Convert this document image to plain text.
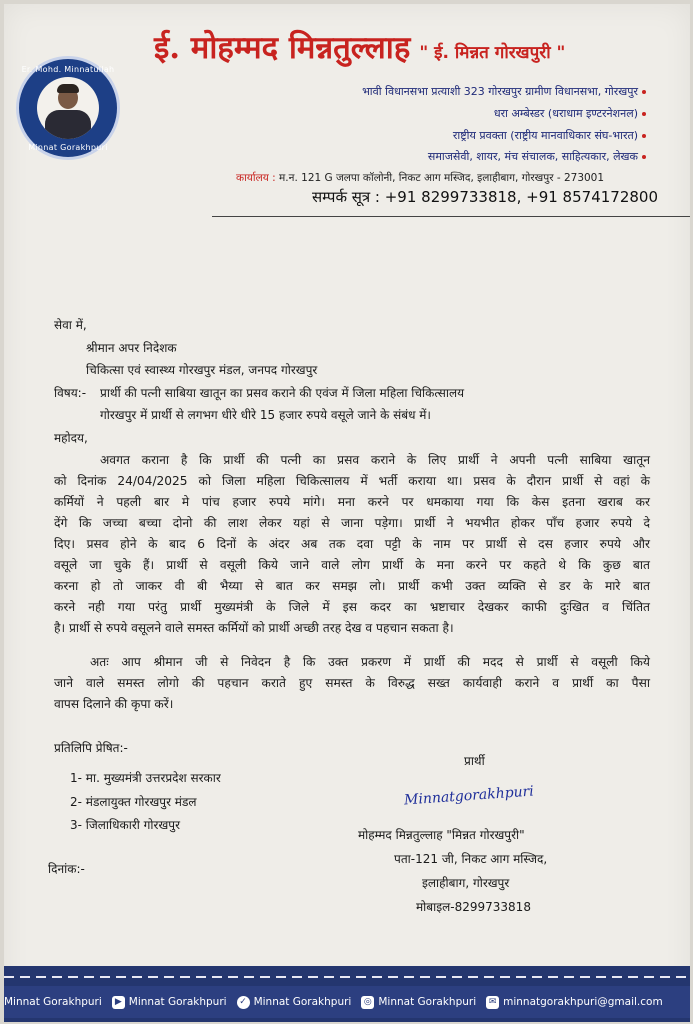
Er. Mohd. Minnatullah
Minnat Gorakhpuri
ई. मोहम्मद मिन्नतुल्लाह " ई. मिन्नत गोरखपुरी "
भावी विधानसभा प्रत्याशी 323 गोरखपुर ग्रामीण विधानसभा, गोरखपुर
धरा अम्बेस्डर (धराधाम इण्टरनेशनल)
राष्ट्रीय प्रवक्ता (राष्ट्रीय मानवाधिकार संघ-भारत)
समाजसेवी, शायर, मंच संचालक, साहित्यकार, लेखक
कार्यालय : म.न. 121 G जलपा कॉलोनी, निकट आग मस्जिद, इलाहीबाग, गोरखपुर - 273001
सम्पर्क सूत्र : +91 8299733818, +91 8574172800
सेवा में,
श्रीमान अपर निदेशक
चिकित्सा एवं स्वास्थ्य गोरखपुर मंडल, जनपद गोरखपुर
विषय:- प्रार्थी की पत्नी साबिया खातून का प्रसव कराने की एवंज में जिला महिला चिकित्सालय
गोरखपुर में प्रार्थी से लगभग धीरे धीरे 15 हजार रुपये वसूले जाने के संबंध में।
महोदय,
अवगत कराना है कि प्रार्थी की पत्नी का प्रसव कराने के लिए प्रार्थी ने अपनी पत्नी साबिया खातून
को दिनांक 24/04/2025 को जिला महिला चिकित्सालय में भर्ती कराया था। प्रसव के दौरान प्रार्थी से वहां के
कर्मियों ने पहली बार मे पांच हजार रुपये मांगे। मना करने पर धमकाया गया कि केस इतना खराब कर
देंगे कि जच्चा बच्चा दोनो की लाश लेकर यहां से जाना पड़ेगा। प्रार्थी ने भयभीत होकर पाँच हजार रुपये दे
दिए। प्रसव होने के बाद 6 दिनों के अंदर अब तक दवा पट्टी के नाम पर प्रार्थी से दस हजार रुपये और
वसूले जा चुके हैं। प्रार्थी से वसूली किये जाने वाले लोग प्रार्थी के मना करने पर कहते थे कि कुछ बात
करना हो तो जाकर वी बी भैय्या से बात कर समझ लो। प्रार्थी कभी उक्त व्यक्ति से डर के मारे बात
करने नही गया परंतु प्रार्थी मुख्यमंत्री के जिले में इस कदर का भ्रष्टाचार देखकर काफी दुःखित व चिंतित
है। प्रार्थी से रुपये वसूलने वाले समस्त कर्मियों को प्रार्थी अच्छी तरह देख व पहचान सकता है।
अतः आप श्रीमान जी से निवेदन है कि उक्त प्रकरण में प्रार्थी की मदद से प्रार्थी से वसूली किये
जाने वाले समस्त लोगो की पहचान कराते हुए समस्त के विरुद्ध सख्त कार्यवाही कराने व प्रार्थी का पैसा
वापस दिलाने की कृपा करें।
प्रतिलिपि प्रेषित:-
1- मा. मुख्यमंत्री उत्तरप्रदेश सरकार
2- मंडलायुक्त गोरखपुर मंडल
3- जिलाधिकारी गोरखपुर
दिनांक:-
प्रार्थी
Minnatgorakhpuri
मोहम्मद मिन्नतुल्लाह "मिन्नत गोरखपुरी"
पता-121 जी, निकट आग मस्जिद,
इलाहीबाग, गोरखपुर
मोबाइल-8299733818
Minnat Gorakhpuri	▶ Minnat Gorakhpuri	✓ Minnat Gorakhpuri ◎ Minnat Gorakhpuri	✉ minnatgorakhpuri@gmail.com
